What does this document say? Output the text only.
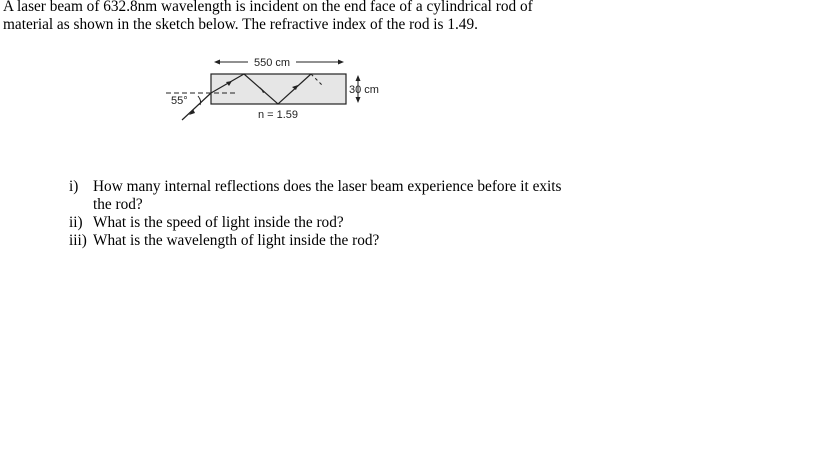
A laser beam of 632.8nm wavelength is incident on the end face of a cylindrical rod of material as shown in the sketch below. The refractive index of the rod is 1.49.
550 cm
30 cm
55°
n = 1.59
i) How many internal reflections does the laser beam experience before it exits the rod?
ii) What is the speed of light inside the rod?
iii) What is the wavelength of light inside the rod?
